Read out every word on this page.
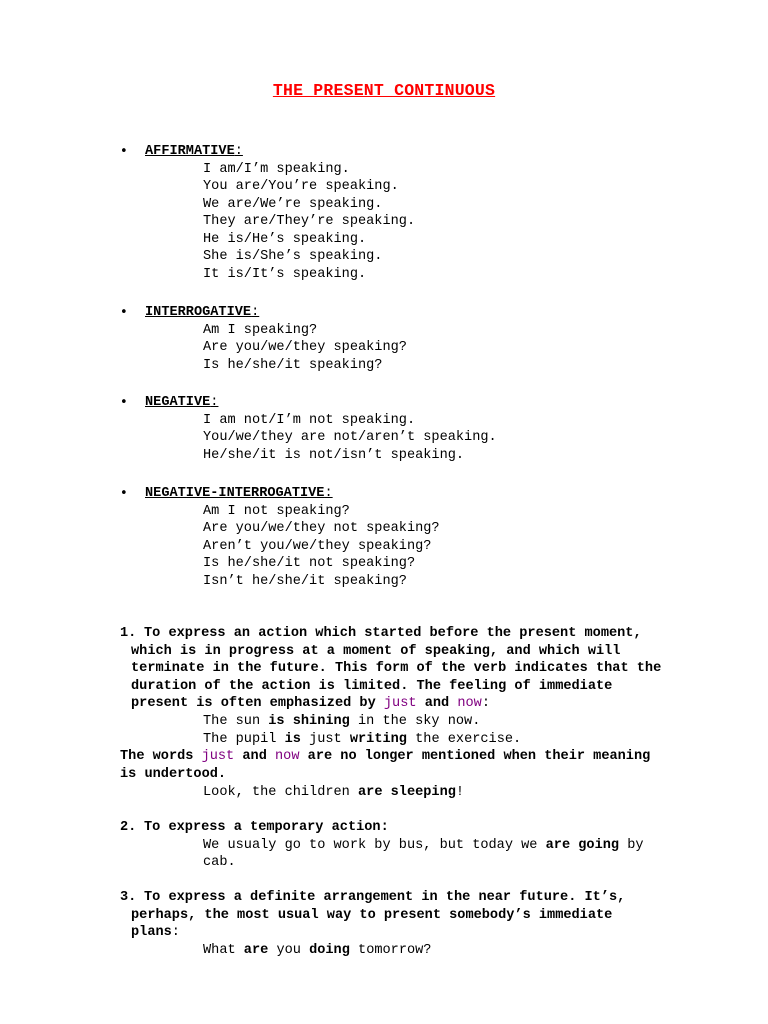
THE PRESENT CONTINUOUS
• AFFIRMATIVE:
I am/I’m speaking.
You are/You’re speaking.
We are/We’re speaking.
They are/They’re speaking.
He is/He’s speaking.
She is/She’s speaking.
It is/It’s speaking.
• INTERROGATIVE:
Am I speaking?
Are you/we/they speaking?
Is he/she/it speaking?
• NEGATIVE:
I am not/I’m not speaking.
You/we/they are not/aren’t speaking.
He/she/it is not/isn’t speaking.
• NEGATIVE-INTERROGATIVE:
Am I not speaking?
Are you/we/they not speaking?
Aren’t you/we/they speaking?
Is he/she/it not speaking?
Isn’t he/she/it speaking?
1. To express an action which started before the present moment,
which is in progress at a moment of speaking, and which will
terminate in the future. This form of the verb indicates that the
duration of the action is limited. The feeling of immediate
present is often emphasized by just and now:
The sun is shining in the sky now.
The pupil is just writing the exercise.
The words just and now are no longer mentioned when their meaning
is undertood.
Look, the children are sleeping!
2. To express a temporary action:
We usualy go to work by bus, but today we are going by
cab.
3. To express a definite arrangement in the near future. It’s,
perhaps, the most usual way to present somebody’s immediate
plans:
What are you doing tomorrow?
